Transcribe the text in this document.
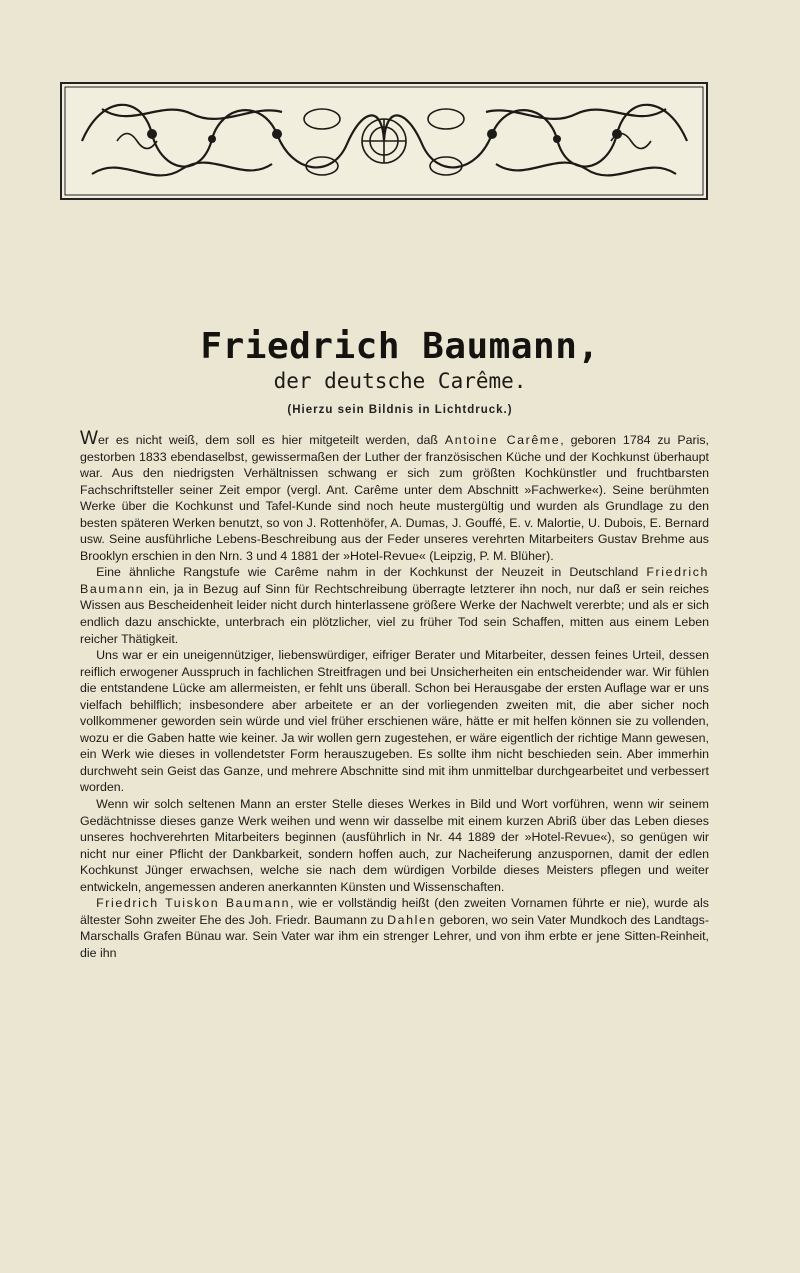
Friedrich Baumann,
der deutsche Carême.
(Hierzu sein Bildnis in Lichtdruck.)

Wer es nicht weiß, dem soll es hier mitgeteilt werden, daß Antoine Carême, geboren 1784 zu Paris, gestorben 1833 ebendaselbst, gewissermaßen der Luther der französischen Küche und der Kochkunst überhaupt war. Aus den niedrigsten Verhältnissen schwang er sich zum größten Kochkünstler und fruchtbarsten Fachschriftsteller seiner Zeit empor (vergl. Ant. Carême unter dem Abschnitt »Fachwerke«). Seine berühmten Werke über die Kochkunst und Tafel-Kunde sind noch heute mustergültig und wurden als Grundlage zu den besten späteren Werken benutzt, so von J. Rottenhöfer, A. Dumas, J. Gouffé, E. v. Malortie, U. Dubois, E. Bernard usw. Seine ausführliche Lebens-Beschreibung aus der Feder unseres verehrten Mitarbeiters Gustav Brehme aus Brooklyn erschien in den Nrn. 3 und 4 1881 der »Hotel-Revue« (Leipzig, P. M. Blüher).

Eine ähnliche Rangstufe wie Carême nahm in der Kochkunst der Neuzeit in Deutschland Friedrich Baumann ein, ja in Bezug auf Sinn für Rechtschreibung überragte letzterer ihn noch, nur daß er sein reiches Wissen aus Bescheidenheit leider nicht durch hinterlassene größere Werke der Nachwelt vererbte; und als er sich endlich dazu anschickte, unterbrach ein plötzlicher, viel zu früher Tod sein Schaffen, mitten aus einem Leben reicher Thätigkeit.

Uns war er ein uneigennütziger, liebenswürdiger, eifriger Berater und Mitarbeiter, dessen feines Urteil, dessen reiflich erwogener Ausspruch in fachlichen Streitfragen und bei Unsicherheiten ein entscheidender war. Wir fühlen die entstandene Lücke am allermeisten, er fehlt uns überall. Schon bei Herausgabe der ersten Auflage war er uns vielfach behilflich; insbesondere aber arbeitete er an der vorliegenden zweiten mit, die aber sicher noch vollkommener geworden sein würde und viel früher erschienen wäre, hätte er mit helfen können sie zu vollenden, wozu er die Gaben hatte wie keiner. Ja wir wollen gern zugestehen, er wäre eigentlich der richtige Mann gewesen, ein Werk wie dieses in vollendetster Form herauszugeben. Es sollte ihm nicht beschieden sein. Aber immerhin durchweht sein Geist das Ganze, und mehrere Abschnitte sind mit ihm unmittelbar durchgearbeitet und verbessert worden.

Wenn wir solch seltenen Mann an erster Stelle dieses Werkes in Bild und Wort vorführen, wenn wir seinem Gedächtnisse dieses ganze Werk weihen und wenn wir dasselbe mit einem kurzen Abriß über das Leben dieses unseres hochverehrten Mitarbeiters beginnen (ausführlich in Nr. 44 1889 der »Hotel-Revue«), so genügen wir nicht nur einer Pflicht der Dankbarkeit, sondern hoffen auch, zur Nacheiferung anzuspornen, damit der edlen Kochkunst Jünger erwachsen, welche sie nach dem würdigen Vorbilde dieses Meisters pflegen und weiter entwickeln, angemessen anderen anerkannten Künsten und Wissenschaften.

Friedrich Tuiskon Baumann, wie er vollständig heißt (den zweiten Vornamen führte er nie), wurde als ältester Sohn zweiter Ehe des Joh. Friedr. Baumann zu Dahlen geboren, wo sein Vater Mundkoch des Landtags-Marschalls Grafen Bünau war. Sein Vater war ihm ein strenger Lehrer, und von ihm erbte er jene Sitten-Reinheit, die ihn
